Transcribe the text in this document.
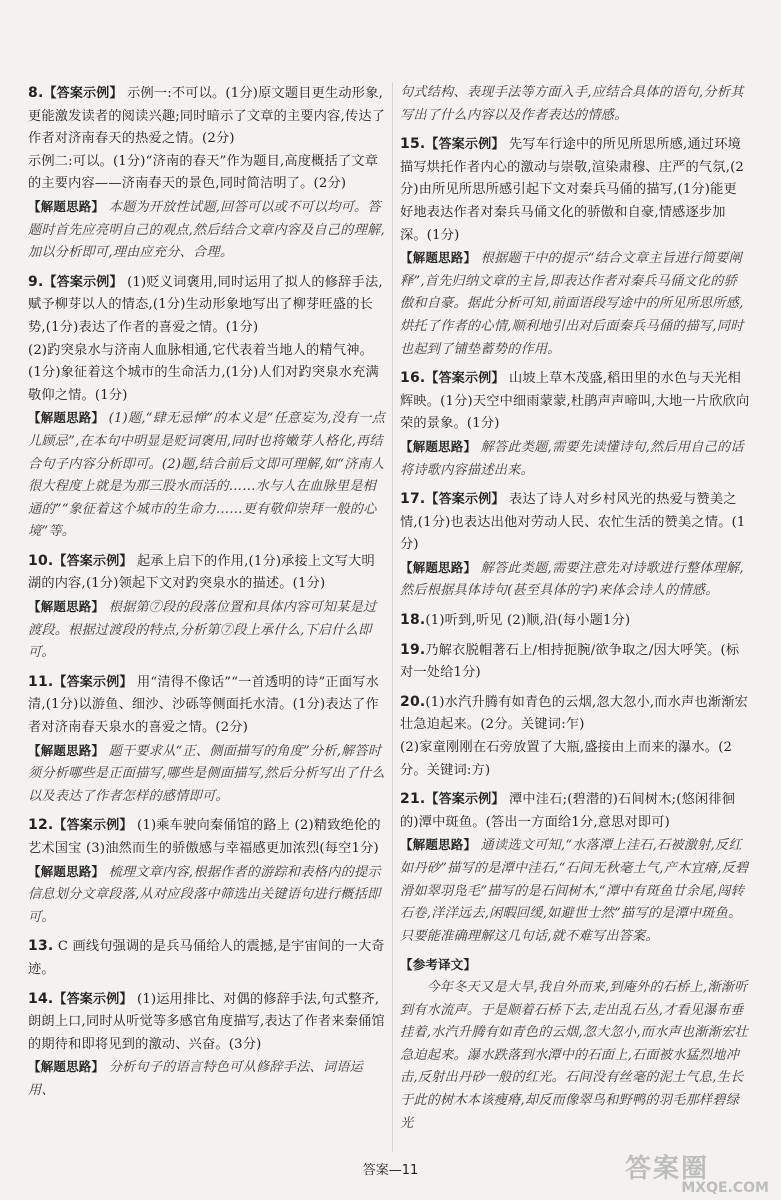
8.【答案示例】 示例一:不可以。(1分)原文题目更生动形象,更能激发读者的阅读兴趣;同时暗示了文章的主要内容,传达了作者对济南春天的热爱之情。(2分)

示例二:可以。(1分)“济南的春天”作为题目,高度概括了文章的主要内容——济南春天的景色,同时简洁明了。(2分)

【解题思路】 本题为开放性试题,回答可以或不可以均可。答题时首先应亮明自己的观点,然后结合文章内容及自己的理解,加以分析即可,理由应充分、合理。

9.【答案示例】 (1)贬义词褒用,同时运用了拟人的修辞手法,赋予柳芽以人的情态,(1分)生动形象地写出了柳芽旺盛的长势,(1分)表达了作者的喜爱之情。(1分)

(2)趵突泉水与济南人血脉相通,它代表着当地人的精气神。(1分)象征着这个城市的生命活力,(1分)人们对趵突泉水充满敬仰之情。(1分)

【解题思路】 (1)题,“肆无忌惮”的本义是“任意妄为,没有一点儿顾忌”,在本句中明显是贬词褒用,同时也将嫩芽人格化,再结合句子内容分析即可。(2)题,结合前后文即可理解,如“济南人很大程度上就是为那三股水而活的……水与人在血脉里是相通的”“象征着这个城市的生命力……更有敬仰崇拜一般的心境”等。

10.【答案示例】 起承上启下的作用,(1分)承接上文写大明湖的内容,(1分)领起下文对趵突泉水的描述。(1分)

【解题思路】 根据第⑦段的段落位置和具体内容可知某是过渡段。根据过渡段的特点,分析第⑦段上承什么,下启什么即可。

11.【答案示例】 用“清得不像话”“一首透明的诗”正面写水清,(1分)以游鱼、细沙、沙砾等侧面托水清。(1分)表达了作者对济南春天泉水的喜爱之情。(2分)

【解题思路】 题干要求从“正、侧面描写的角度”分析,解答时须分析哪些是正面描写,哪些是侧面描写,然后分析写出了什么以及表达了作者怎样的感情即可。

12.【答案示例】 (1)乘车驶向秦俑馆的路上 (2)精致绝伦的艺术国宝 (3)油然而生的骄傲感与幸福感更加浓烈(每空1分)

【解题思路】 梳理文章内容,根据作者的游踪和表格内的提示信息划分文章段落,从对应段落中筛选出关键语句进行概括即可。

13. C 画线句强调的是兵马俑给人的震撼,是宇宙间的一大奇迹。

14.【答案示例】 (1)运用排比、对偶的修辞手法,句式整齐,朗朗上口,同时从听觉等多感官角度描写,表达了作者来秦俑馆的期待和即将见到的激动、兴奋。(3分)

【解题思路】 分析句子的语言特色可从修辞手法、词语运用、

句式结构、表现手法等方面入手,应结合具体的语句,分析其写出了什么内容以及作者表达的情感。

15.【答案示例】 先写车行途中的所见所思所感,通过环境描写烘托作者内心的激动与崇敬,渲染肃穆、庄严的气氛,(2分)由所见所思所感引起下文对秦兵马俑的描写,(1分)能更好地表达作者对秦兵马俑文化的骄傲和自豪,情感逐步加深。(1分)

【解题思路】 根据题干中的提示“结合文章主旨进行简要阐释”,首先归纳文章的主旨,即表达作者对秦兵马俑文化的骄傲和自豪。据此分析可知,前面语段写途中的所见所思所感,烘托了作者的心情,顺利地引出对后面秦兵马俑的描写,同时也起到了铺垫蓄势的作用。

16.【答案示例】 山坡上草木茂盛,稻田里的水色与天光相辉映。(1分)天空中细雨蒙蒙,杜鹃声声啼叫,大地一片欣欣向荣的景象。(1分)

【解题思路】 解答此类题,需要先读懂诗句,然后用自己的话将诗歌内容描述出来。

17.【答案示例】 表达了诗人对乡村风光的热爱与赞美之情,(1分)也表达出他对劳动人民、农忙生活的赞美之情。(1分)

【解题思路】 解答此类题,需要注意先对诗歌进行整体理解,然后根据具体诗句(甚至具体的字)来体会诗人的情感。

18.(1)听到,听见 (2)顺,沿(每小题1分)

19.乃解衣脱帽著石上/相持扼腕/欲争取之/因大呼笑。(标对一处给1分)

20.(1)水汽升腾有如青色的云烟,忽大忽小,而水声也渐渐宏壮急迫起来。(2分。关键词:乍)

(2)家童刚刚在石旁放置了大瓶,盛接由上而来的瀑水。(2分。关键词:方)

21.【答案示例】 潭中洼石;(碧潜的)石间树木;(悠闲徘徊的)潭中斑鱼。(答出一方面给1分,意思对即可)

【解题思路】 通读选文可知,“水落潭上洼石,石被激射,反红如丹砂”描写的是潭中洼石,“石间无秋毫土气,产木宜瘠,反碧滑如翠羽凫毛”描写的是石间树木,“潭中有斑鱼廿余尾,闯转石卷,洋洋远去,闲暇回缓,如避世士然”描写的是潭中斑鱼。只要能准确理解这几句话,就不难写出答案。

【参考译文】

今年冬天又是大旱,我自外而来,到庵外的石桥上,渐渐听到有水流声。于是顺着石桥下去,走出乱石丛,才看见瀑布垂挂着,水汽升腾有如青色的云烟,忽大忽小,而水声也渐渐宏壮急迫起来。瀑水跌落到水潭中的石面上,石面被水猛烈地冲击,反射出丹砂一般的红光。石间没有丝毫的泥土气息,生长于此的树木本该瘦瘠,却反而像翠鸟和野鸭的羽毛那样碧绿光

答案—11	答案圈
MXQE.COM
